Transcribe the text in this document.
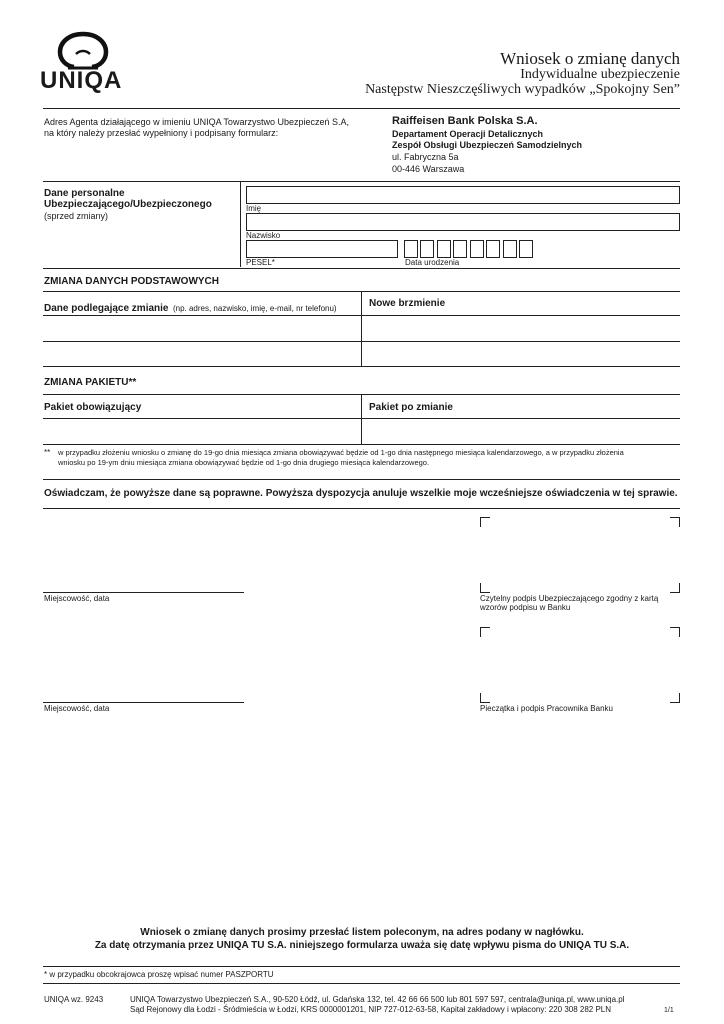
UNIQA
Wniosek o zmianę danych
Indywidualne ubezpieczenie
Następstw Nieszczęśliwych wypadków „Spokojny Sen”
Adres Agenta działającego w imieniu UNIQA Towarzystwo Ubezpieczeń S.A,
na który należy przesłać wypełniony i podpisany formularz:
Raiffeisen Bank Polska S.A.
Departament Operacji Detalicznych
Zespół Obsługi Ubezpieczeń Samodzielnych
ul. Fabryczna 5a
00-446 Warszawa
Dane personalne
Ubezpieczającego/Ubezpieczonego
(sprzed zmiany)
Imię
Nazwisko
PESEL*	Data urodzenia
ZMIANA DANYCH PODSTAWOWYCH
Dane podlegające zmianie (np. adres, nazwisko, imię, e-mail, nr telefonu)	Nowe brzmienie
ZMIANA PAKIETU**
Pakiet obowiązujący	Pakiet po zmianie
** w przypadku złożeniu wniosku o zmianę do 19-go dnia miesiąca zmiana obowiązywać będzie od 1-go dnia następnego miesiąca kalendarzowego, a w przypadku złożenia
wniosku po 19-ym dniu miesiąca zmiana obowiązywać będzie od 1-go dnia drugiego miesiąca kalendarzowego.
Oświadczam, że powyższe dane są poprawne. Powyższa dyspozycja anuluje wszelkie moje wcześniejsze oświadczenia w tej sprawie.
Miejscowość, data	Czytelny podpis Ubezpieczającego zgodny z kartą
wzorów podpisu w Banku
Miejscowość, data	Pieczątka i podpis Pracownika Banku
Wniosek o zmianę danych prosimy przesłać listem poleconym, na adres podany w nagłówku.
Za datę otrzymania przez UNIQA TU S.A. niniejszego formularza uważa się datę wpływu pisma do UNIQA TU S.A.
* w przypadku obcokrajowca proszę wpisać numer PASZPORTU
UNIQA wz. 9243	UNIQA Towarzystwo Ubezpieczeń S.A., 90-520 Łódź, ul. Gdańska 132, tel. 42 66 66 500 lub 801 597 597, centrala@uniqa.pl, www.uniqa.pl
Sąd Rejonowy dla Łodzi - Śródmieścia w Łodzi, KRS 0000001201, NIP 727-012-63-58, Kapitał zakładowy i wpłacony: 220 308 282 PLN	1/1
